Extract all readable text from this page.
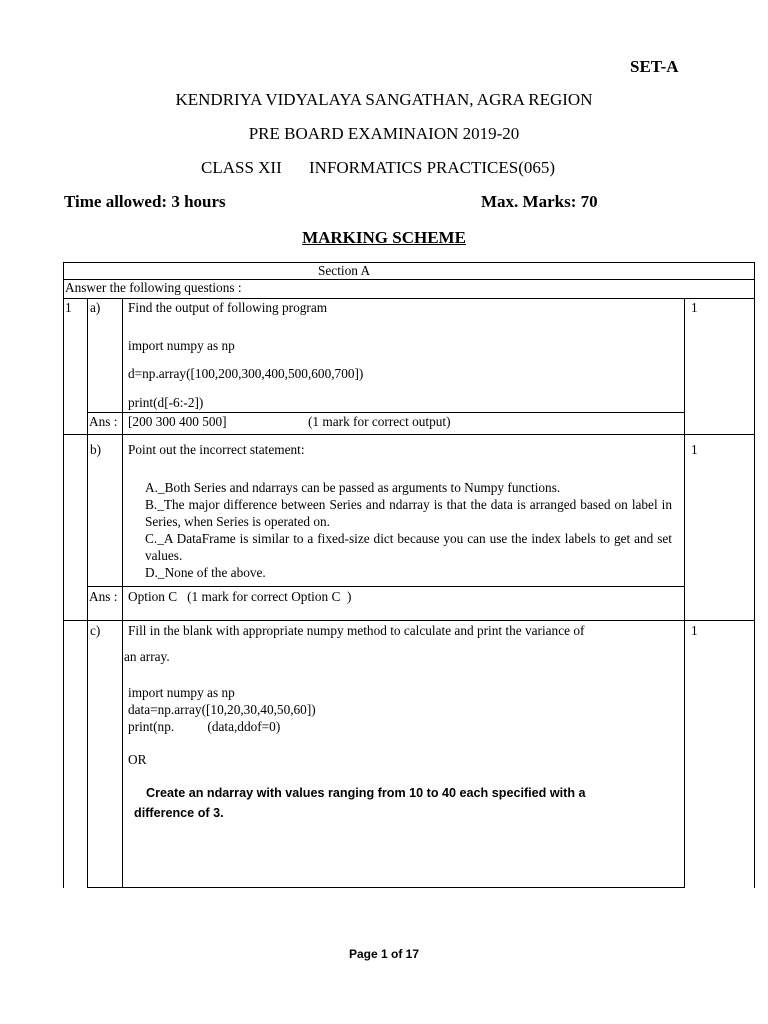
SET-A
KENDRIYA VIDYALAYA SANGATHAN, AGRA REGION
PRE BOARD EXAMINAION 2019-20
CLASS XII INFORMATICS PRACTICES(065)
Time allowed: 3 hours	Max. Marks: 70
MARKING SCHEME
Section A
Answer the following questions :
1 a) Find the output of following program	1
import numpy as np
d=np.array([100,200,300,400,500,600,700])
print(d[-6:-2])
Ans : [200 300 400 500]	(1 mark for correct output)
b) Point out the incorrect statement:	1
A._Both Series and ndarrays can be passed as arguments to Numpy functions.
B._The major difference between Series and ndarray is that the data is arranged based on label in Series, when Series is operated on.
C._A DataFrame is similar to a fixed-size dict because you can use the index labels to get and set values.
D._None of the above.
Ans : Option C   (1 mark for correct Option C  )
c) Fill in the blank with appropriate numpy method to calculate and print the variance of	1
an array.
import numpy as np
data=np.array([10,20,30,40,50,60])
print(np.          (data,ddof=0)
OR
Create an ndarray with values ranging from 10 to 40 each specified with a
difference of 3.
Page 1 of 17
